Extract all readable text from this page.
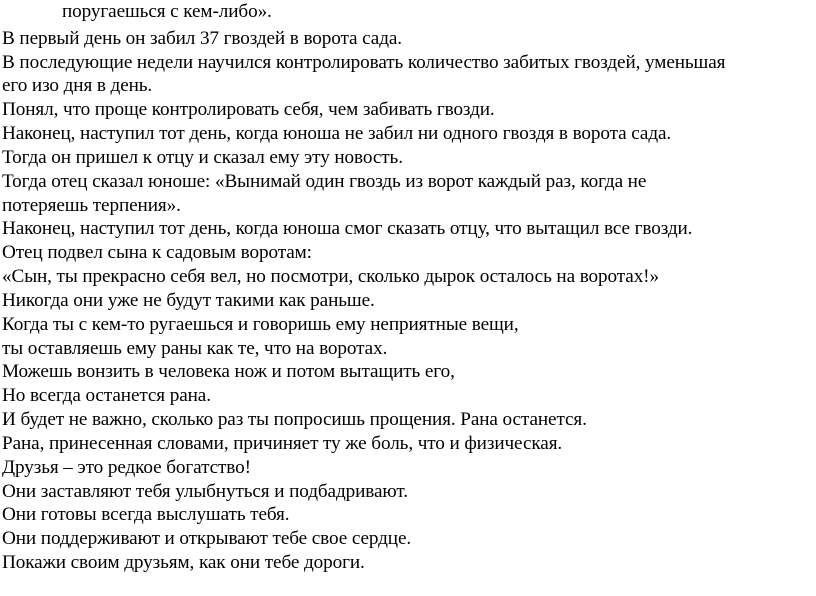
поругаешься с кем-либо».
В первый день он забил 37 гвоздей в ворота сада.
В последующие недели научился контролировать количество забитых гвоздей, уменьшая
его изо дня в день.
Понял, что проще контролировать себя, чем забивать гвозди.
Наконец, наступил тот день, когда юноша не забил ни одного гвоздя в ворота сада.
Тогда он пришел к отцу и сказал ему эту новость.
Тогда отец сказал юноше: «Вынимай один гвоздь из ворот каждый раз, когда не
потеряешь терпения».
Наконец, наступил тот день, когда юноша смог сказать отцу, что вытащил все гвозди.
Отец подвел сына к садовым воротам:
«Сын, ты прекрасно себя вел, но посмотри, сколько дырок осталось на воротах!»
Никогда они уже не будут такими как раньше.
Когда ты с кем-то ругаешься и говоришь ему неприятные вещи,
ты оставляешь ему раны как те, что на воротах.
Можешь вонзить в человека нож и потом вытащить его,
Но всегда останется рана.
И будет не важно, сколько раз ты попросишь прощения. Рана останется.
Рана, принесенная словами, причиняет ту же боль, что и физическая.
Друзья – это редкое богатство!
Они заставляют тебя улыбнуться и подбадривают.
Они готовы всегда выслушать тебя.
Они поддерживают и открывают тебе свое сердце.
Покажи своим друзьям, как они тебе дороги.
